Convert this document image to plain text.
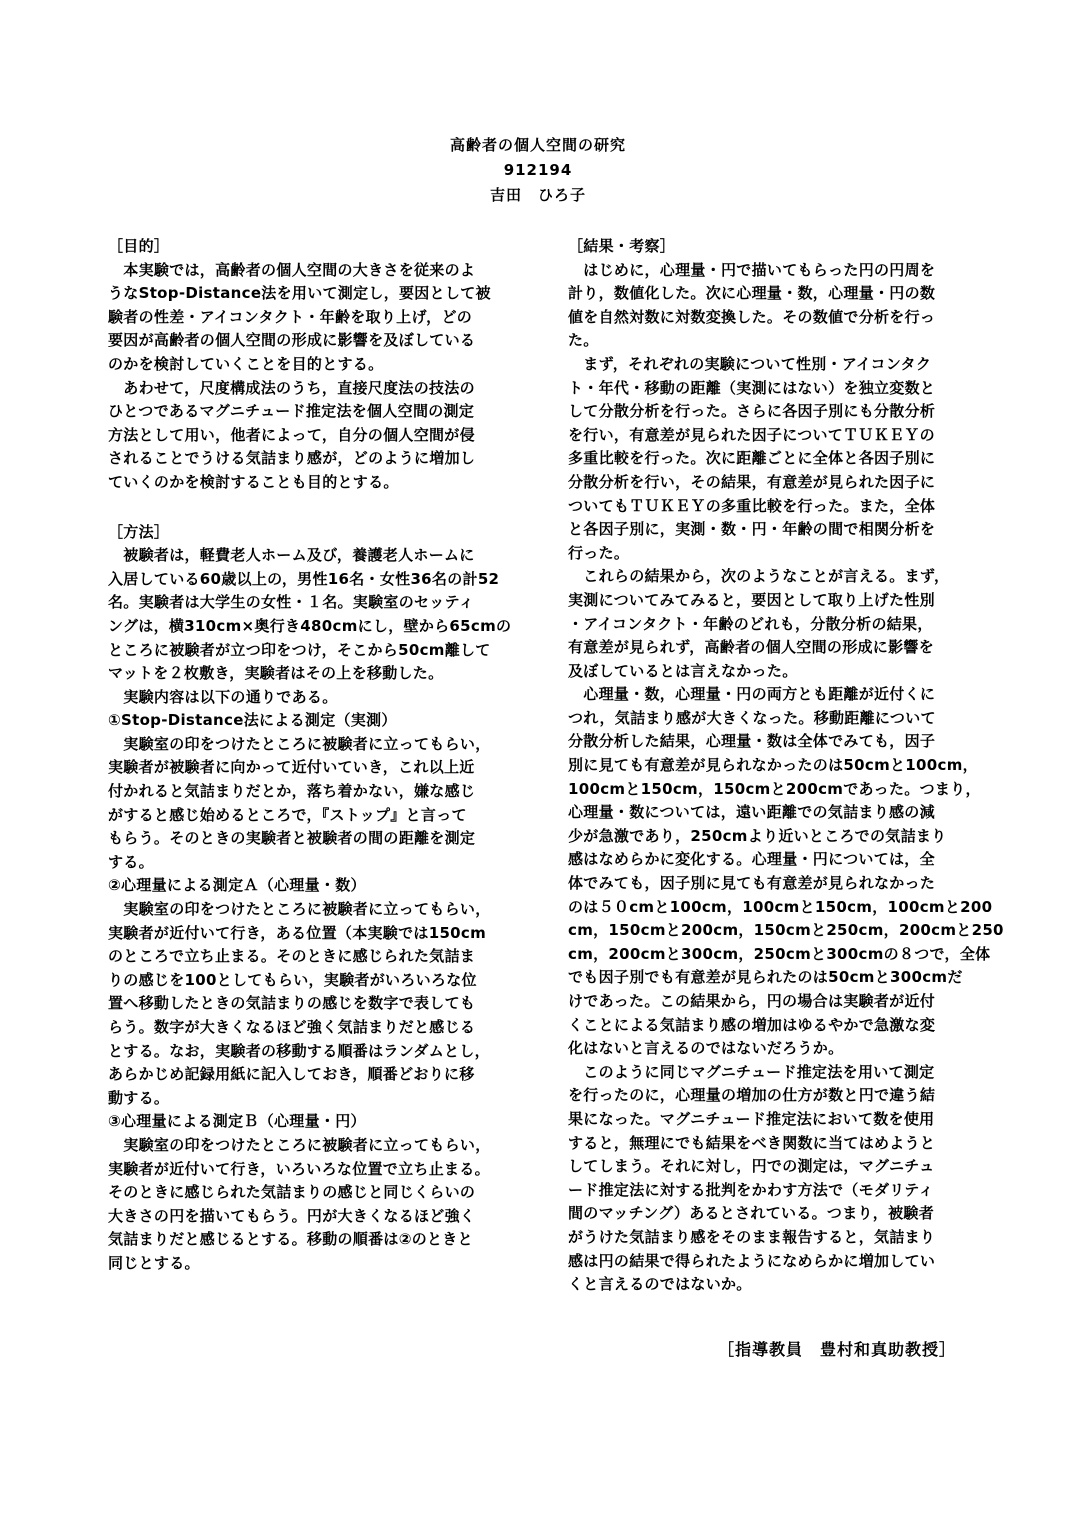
高齢者の個人空間の研究
912194
吉田　ひろ子

［目的］

　本実験では，高齢者の個人空間の大きさを従来のよ

うなStop-Distance法を用いて測定し，要因として被

験者の性差・アイコンタクト・年齢を取り上げ，どの

要因が高齢者の個人空間の形成に影響を及ぼしている

のかを検討していくことを目的とする。

　あわせて，尺度構成法のうち，直接尺度法の技法の

ひとつであるマグニチュード推定法を個人空間の測定

方法として用い，他者によって，自分の個人空間が侵

されることでうける気詰まり感が，どのように増加し

ていくのかを検討することも目的とする。

［方法］

　被験者は，軽費老人ホーム及び，養護老人ホームに

入居している60歳以上の，男性16名・女性36名の計52

名。実験者は大学生の女性・１名。実験室のセッティ

ングは，横310cm×奥行き480cmにし，壁から65cmの

ところに被験者が立つ印をつけ，そこから50cm離して

マットを２枚敷き，実験者はその上を移動した。

　実験内容は以下の通りである。

①Stop-Distance法による測定（実測）

　実験室の印をつけたところに被験者に立ってもらい，

実験者が被験者に向かって近付いていき，これ以上近

付かれると気詰まりだとか，落ち着かない，嫌な感じ

がすると感じ始めるところで，『ストップ』と言って

もらう。そのときの実験者と被験者の間の距離を測定

する。

②心理量による測定Ａ（心理量・数）

　実験室の印をつけたところに被験者に立ってもらい，

実験者が近付いて行き，ある位置（本実験では150cm

のところで立ち止まる。そのときに感じられた気詰ま

りの感じを100としてもらい，実験者がいろいろな位

置へ移動したときの気詰まりの感じを数字で表しても

らう。数字が大きくなるほど強く気詰まりだと感じる

とする。なお，実験者の移動する順番はランダムとし，

あらかじめ記録用紙に記入しておき，順番どおりに移

動する。

③心理量による測定Ｂ（心理量・円）

　実験室の印をつけたところに被験者に立ってもらい，

実験者が近付いて行き，いろいろな位置で立ち止まる。

そのときに感じられた気詰まりの感じと同じくらいの

大きさの円を描いてもらう。円が大きくなるほど強く

気詰まりだと感じるとする。移動の順番は②のときと

同じとする。

［結果・考察］

　はじめに，心理量・円で描いてもらった円の円周を

計り，数値化した。次に心理量・数，心理量・円の数

値を自然対数に対数変換した。その数値で分析を行っ

た。

　まず，それぞれの実験について性別・アイコンタク

ト・年代・移動の距離（実測にはない）を独立変数と

して分散分析を行った。さらに各因子別にも分散分析

を行い，有意差が見られた因子についてＴＵＫＥＹの

多重比較を行った。次に距離ごとに全体と各因子別に

分散分析を行い，その結果，有意差が見られた因子に

ついてもＴＵＫＥＹの多重比較を行った。また，全体

と各因子別に，実測・数・円・年齢の間で相関分析を

行った。

　これらの結果から，次のようなことが言える。まず，

実測についてみてみると，要因として取り上げた性別

・アイコンタクト・年齢のどれも，分散分析の結果，

有意差が見られず，高齢者の個人空間の形成に影響を

及ぼしているとは言えなかった。

　心理量・数，心理量・円の両方とも距離が近付くに

つれ，気詰まり感が大きくなった。移動距離について

分散分析した結果，心理量・数は全体でみても，因子

別に見ても有意差が見られなかったのは50cmと100cm，

100cmと150cm，150cmと200cmであった。つまり，

心理量・数については，遠い距離での気詰まり感の減

少が急激であり，250cmより近いところでの気詰まり

感はなめらかに変化する。心理量・円については，全

体でみても，因子別に見ても有意差が見られなかった

のは５０cmと100cm，100cmと150cm，100cmと200

cm，150cmと200cm，150cmと250cm，200cmと250

cm，200cmと300cm，250cmと300cmの８つで，全体

でも因子別でも有意差が見られたのは50cmと300cmだ

けであった。この結果から，円の場合は実験者が近付

くことによる気詰まり感の増加はゆるやかで急激な変

化はないと言えるのではないだろうか。

　このように同じマグニチュード推定法を用いて測定

を行ったのに，心理量の増加の仕方が数と円で違う結

果になった。マグニチュード推定法において数を使用

すると，無理にでも結果をべき関数に当てはめようと

してしまう。それに対し，円での測定は，マグニチュ

ード推定法に対する批判をかわす方法で（モダリティ

間のマッチング）あるとされている。つまり，被験者

がうけた気詰まり感をそのまま報告すると，気詰まり

感は円の結果で得られたようになめらかに増加してい

くと言えるのではないか。

［指導教員　豊村和真助教授］
